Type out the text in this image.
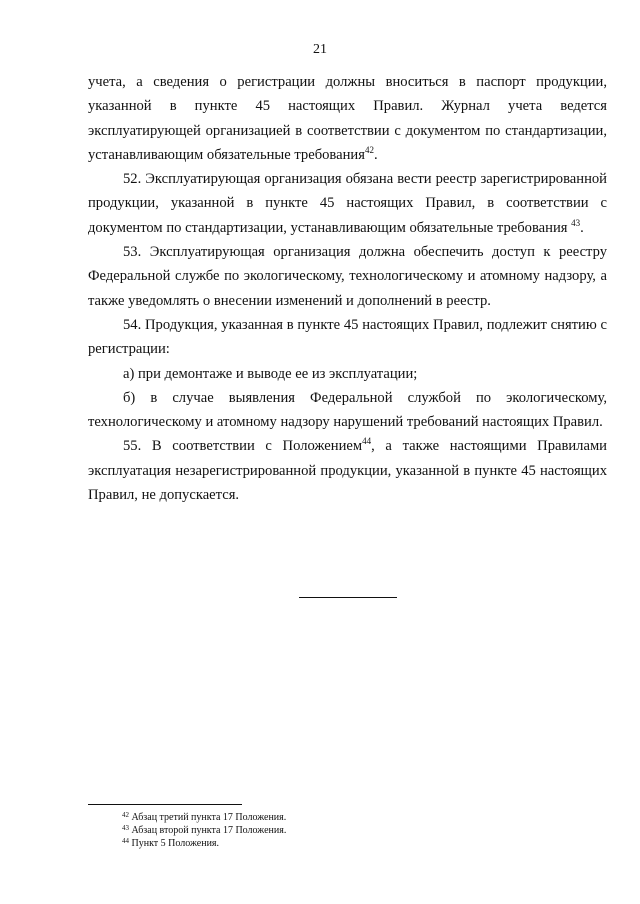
21

учета, а сведения о регистрации должны вноситься в паспорт продукции, указанной в пункте 45 настоящих Правил. Журнал учета ведется эксплуатирующей организацией в соответствии с документом по стандартизации, устанавливающим обязательные требования$^{42}$.

52. Эксплуатирующая организация обязана вести реестр зарегистрированной продукции, указанной в пункте 45 настоящих Правил, в соответствии с документом по стандартизации, устанавливающим обязательные требования $^{43}$.

53. Эксплуатирующая организация должна обеспечить доступ к реестру Федеральной службе по экологическому, технологическому и атомному надзору, а также уведомлять о внесении изменений и дополнений в реестр.

54. Продукция, указанная в пункте 45 настоящих Правил, подлежит снятию с регистрации:

а) при демонтаже и выводе ее из эксплуатации;

б) в случае выявления Федеральной службой по экологическому, технологическому и атомному надзору нарушений требований настоящих Правил.

55. В соответствии с Положением$^{44}$, а также настоящими Правилами эксплуатация незарегистрированной продукции, указанной в пункте 45 настоящих Правил, не допускается.

$^{42}$ Абзац третий пункта 17 Положения.
$^{43}$ Абзац второй пункта 17 Положения.
$^{44}$ Пункт 5 Положения.
